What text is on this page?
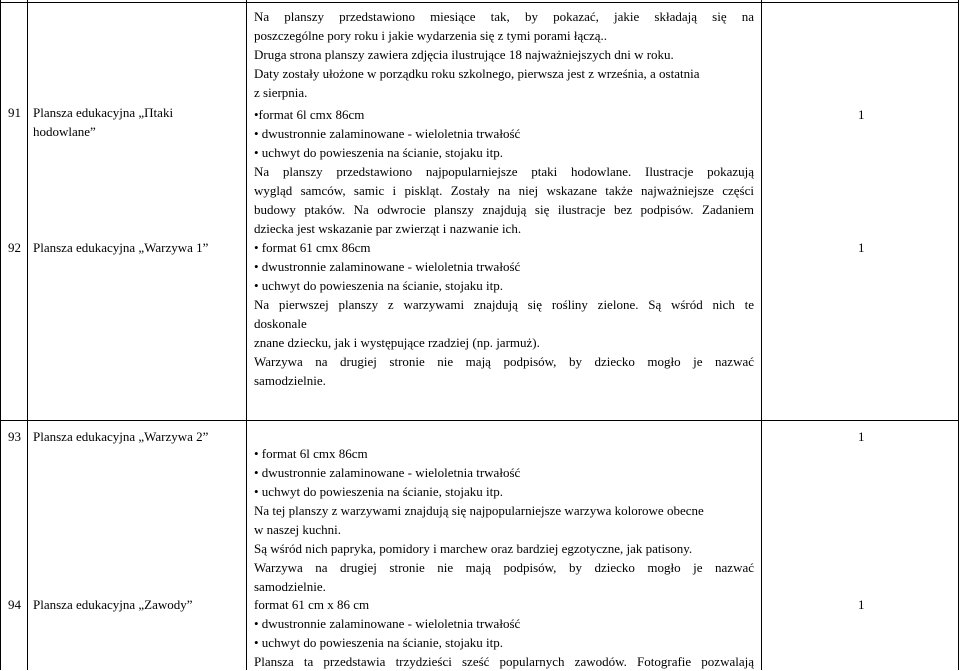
Na planszy przedstawiono miesiące tak, by pokazać, jakie składają się na
poszczególne pory roku i jakie wydarzenia się z tymi porami łączą..
Druga strona planszy zawiera zdjęcia ilustrujące 18 najważniejszych dni w roku.
Daty zostały ułożone w porządku roku szkolnego, pierwsza jest z września, a ostatnia
z sierpnia.
91 Plansza edukacyjna „Пtaki
hodowlane”
•format 6l cmx 86cm
• dwustronnie zalaminowane - wieloletnia trwałość
• uchwyt do powieszenia na ścianie, stojaku itp.
Na planszy przedstawiono najpopularniejsze ptaki hodowlane. Ilustracje pokazują
wygląd samców, samic i piskląt. Zostały na niej wskazane także najważniejsze części
budowy ptaków. Na odwrocie planszy znajdują się ilustracje bez podpisów. Zadaniem
dziecka jest wskazanie par zwierząt i nazwanie ich.
1
92 Plansza edukacyjna „Warzywa 1”	• format 61 cmx 86cm
• dwustronnie zalaminowane - wieloletnia trwałość
• uchwyt do powieszenia na ścianie, stojaku itp.
Na pierwszej planszy z warzywami znajdują się rośliny zielone. Są wśród nich te
doskonale
znane dziecku, jak i występujące rzadziej (np. jarmuż).
Warzywa na drugiej stronie nie mają podpisów, by dziecko mogło je nazwać
samodzielnie.
1
93 Plansza edukacyjna „Warzywa 2”
• format 6l cmx 86cm
• dwustronnie zalaminowane - wieloletnia trwałość
• uchwyt do powieszenia na ścianie, stojaku itp.
Na tej planszy z warzywami znajdują się najpopularniejsze warzywa kolorowe obecne
w naszej kuchni.
Są wśród nich papryka, pomidory i marchew oraz bardziej egzotyczne, jak patisony.
Warzywa na drugiej stronie nie mają podpisów, by dziecko mogło je nazwać
samodzielnie.
1
94 Plansza edukacyjna „Zawody”	format 61 cm x 86 cm
• dwustronnie zalaminowane - wieloletnia trwałość
• uchwyt do powieszenia na ścianie, stojaku itp.
Plansza ta przedstawia trzydzieści sześć popularnych zawodów. Fotografie pozwalają
1
